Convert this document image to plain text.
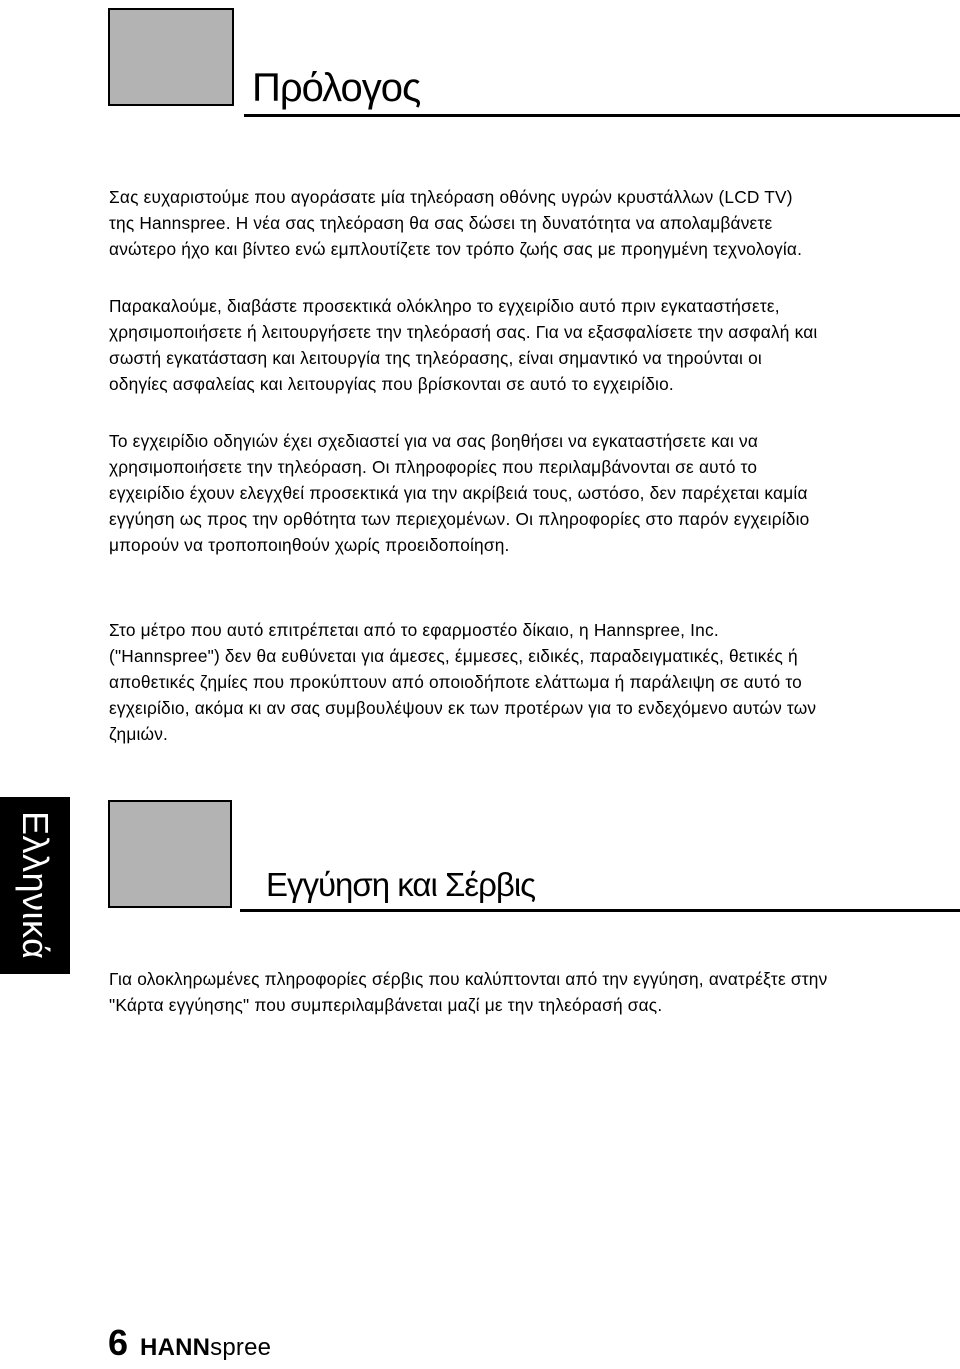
Πρόλογος

Σας ευχαριστούμε που αγοράσατε μία τηλεόραση οθόνης υγρών κρυστάλλων (LCD TV)
της Hannspree. Η νέα σας τηλεόραση θα σας δώσει τη δυνατότητα να απολαμβάνετε
ανώτερο ήχο και βίντεο ενώ εμπλουτίζετε τον τρόπο ζωής σας με προηγμένη τεχνολογία.

Παρακαλούμε, διαβάστε προσεκτικά ολόκληρο το εγχειρίδιο αυτό πριν εγκαταστήσετε,
χρησιμοποιήσετε ή λειτουργήσετε την τηλεόρασή σας. Για να εξασφαλίσετε την ασφαλή και
σωστή εγκατάσταση και λειτουργία της τηλεόρασης, είναι σημαντικό να τηρούνται οι
οδηγίες ασφαλείας και λειτουργίας που βρίσκονται σε αυτό το εγχειρίδιο.

Το εγχειρίδιο οδηγιών έχει σχεδιαστεί για να σας βοηθήσει να εγκαταστήσετε και να
χρησιμοποιήσετε την τηλεόραση. Οι πληροφορίες που περιλαμβάνονται σε αυτό το
εγχειρίδιο έχουν ελεγχθεί προσεκτικά για την ακρίβειά τους, ωστόσο, δεν παρέχεται καμία
εγγύηση ως προς την ορθότητα των περιεχομένων. Οι πληροφορίες στο παρόν εγχειρίδιο
μπορούν να τροποποιηθούν χωρίς προειδοποίηση.

Στο μέτρο που αυτό επιτρέπεται από το εφαρμοστέο δίκαιο, η Hannspree, Inc.
("Hannspree") δεν θα ευθύνεται για άμεσες, έμμεσες, ειδικές, παραδειγματικές, θετικές ή
αποθετικές ζημίες που προκύπτουν από οποιοδήποτε ελάττωμα ή παράλειψη σε αυτό το
εγχειρίδιο, ακόμα κι αν σας συμβουλέψουν εκ των προτέρων για το ενδεχόμενο αυτών των
ζημιών.

Ελληνικά	Εγγύηση και Σέρβις

Για ολοκληρωμένες πληροφορίες σέρβις που καλύπτονται από την εγγύηση, ανατρέξτε στην
"Κάρτα εγγύησης" που συμπεριλαμβάνεται μαζί με την τηλεόρασή σας.

6 HANNspree
